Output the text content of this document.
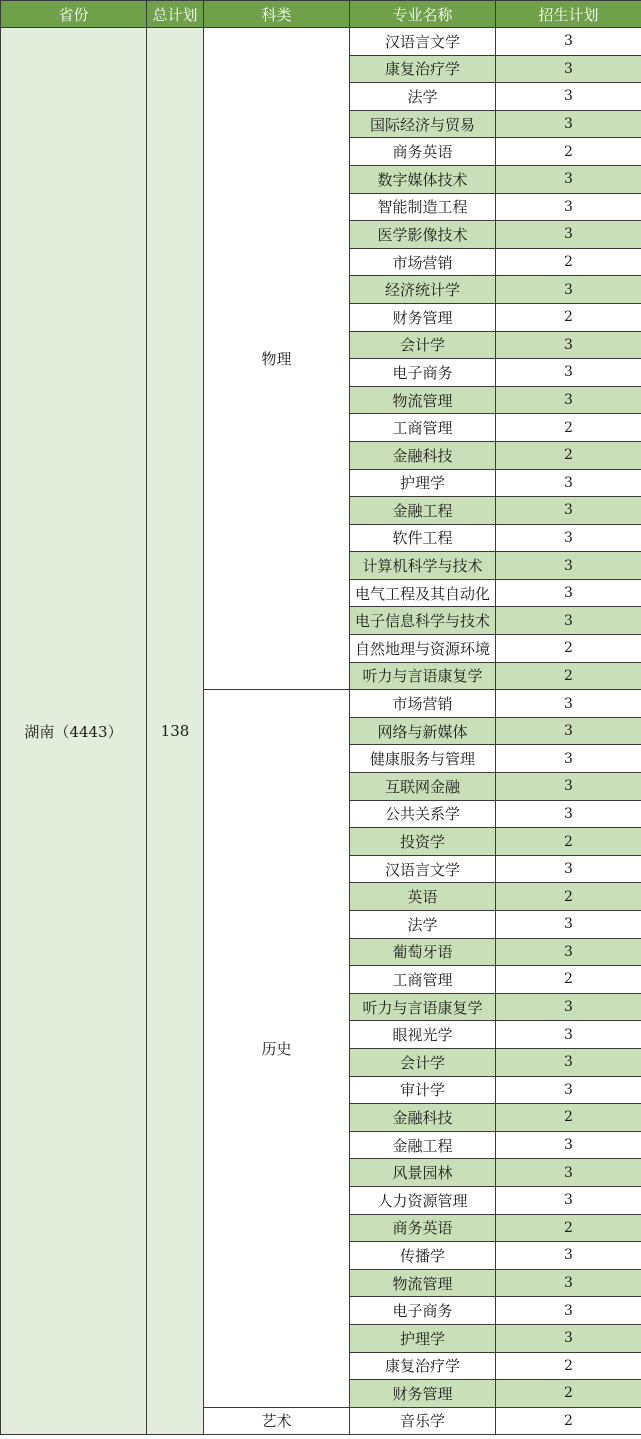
省份	总计划	科类	专业名称	招生计划
湖南（4443）	138	物理	汉语言文学	3
			康复治疗学	3
			法学	3
			国际经济与贸易	3
			商务英语	2
			数字媒体技术	3
			智能制造工程	3
			医学影像技术	3
			市场营销	2
			经济统计学	3
			财务管理	2
			会计学	3
			电子商务	3
			物流管理	3
			工商管理	2
			金融科技	2
			护理学	3
			金融工程	3
			软件工程	3
			计算机科学与技术	3
			电气工程及其自动化	3
			电子信息科学与技术	3
			自然地理与资源环境	2
			听力与言语康复学	2
		历史	市场营销	3
			网络与新媒体	3
			健康服务与管理	3
			互联网金融	3
			公共关系学	3
			投资学	2
			汉语言文学	3
			英语	2
			法学	3
			葡萄牙语	3
			工商管理	2
			听力与言语康复学	3
			眼视光学	3
			会计学	3
			审计学	3
			金融科技	2
			金融工程	3
			风景园林	3
			人力资源管理	3
			商务英语	2
			传播学	3
			物流管理	3
			电子商务	3
			护理学	3
			康复治疗学	2
			财务管理	2
		艺术	音乐学	2
